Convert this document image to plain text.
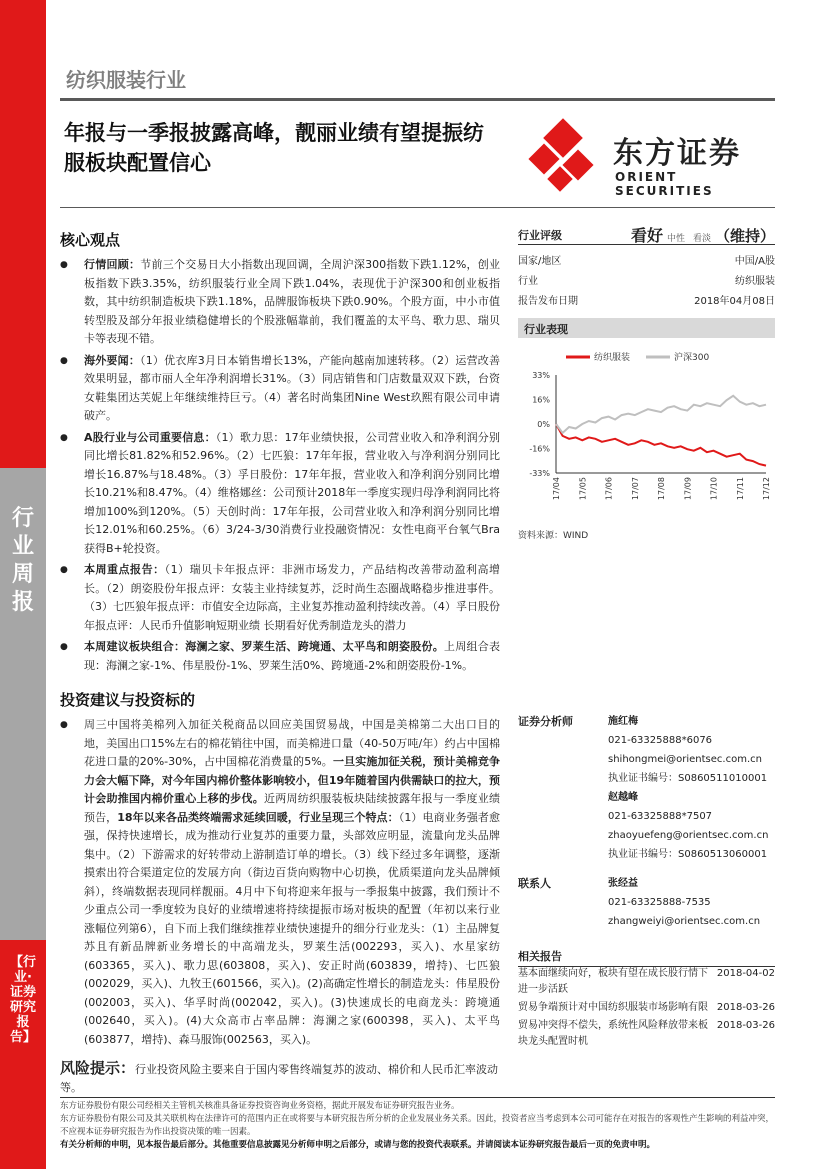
行业周报
【行业·证券研究报告】
纺织服装行业
年报与一季报披露高峰，靓丽业绩有望提振纺服板块配置信心	东方证券
ORIENT SECURITIES
核心观点
● 行情回顾：节前三个交易日大小指数出现回调，全周沪深300指数下跌1.12%，创业板指数下跌3.35%，纺织服装行业全周下跌1.04%，表现优于沪深300和创业板指数，其中纺织制造板块下跌1.18%，品牌服饰板块下跌0.90%。个股方面，中小市值转型股及部分年报业绩稳健增长的个股涨幅靠前，我们覆盖的太平鸟、歌力思、瑞贝卡等表现不错。
● 海外要闻：（1）优衣库3月日本销售增长13%，产能向越南加速转移。（2）运营改善效果明显，都市丽人全年净利润增长31%。（3）同店销售和门店数量双双下跌，台资女鞋集团达芙妮上年继续维持巨亏。（4）著名时尚集团Nine West玖熙有限公司申请破产。
● A股行业与公司重要信息：（1）歌力思：17年业绩快报，公司营业收入和净利润分别同比增长81.82%和52.96%。（2）七匹狼：17年年报，营业收入与净利润分别同比增长16.87%与18.48%。（3）孚日股份：17年年报，营业收入和净利润分别同比增长10.21%和8.47%。（4）维格娜丝：公司预计2018年一季度实现归母净利润同比将增加100%到120%。（5）天创时尚：17年年报，公司营业收入和净利润分别同比增长12.01%和60.25%。（6）3/24-3/30消费行业投融资情况：女性电商平台氧气Bra获得B+轮投资。
● 本周重点报告：（1）瑞贝卡年报点评：非洲市场发力，产品结构改善带动盈利高增长。（2）朗姿股份年报点评：女装主业持续复苏，泛时尚生态圈战略稳步推进事件。（3）七匹狼年报点评：市值安全边际高，主业复苏推动盈利持续改善。（4）孚日股份年报点评：人民币升值影响短期业绩 长期看好优秀制造龙头的潜力
● 本周建议板块组合：海澜之家、罗莱生活、跨境通、太平鸟和朗姿股份。上周组合表现：海澜之家-1%、伟星股份-1%、罗莱生活0%、跨境通-2%和朗姿股份-1%。
投资建议与投资标的
● 周三中国将美棉列入加征关税商品以回应美国贸易战，中国是美棉第二大出口目的地，美国出口15%左右的棉花销往中国，而美棉进口量（40-50万吨/年）约占中国棉花进口量的20%-30%，占中国棉花消费量的5%。一旦实施加征关税，预计美棉竞争力会大幅下降，对今年国内棉价整体影响较小，但19年随着国内供需缺口的拉大，预计会助推国内棉价重心上移的步伐。近两周纺织服装板块陆续披露年报与一季度业绩预告，18年以来各品类终端需求延续回暖，行业呈现三个特点：（1）电商业务强者愈强，保持快速增长，成为推动行业复苏的重要力量，头部效应明显，流量向龙头品牌集中。（2）下游需求的好转带动上游制造订单的增长。（3）线下经过多年调整，逐渐摸索出符合渠道定位的发展方向（街边百货向购物中心切换，优质渠道向龙头品牌倾斜），终端数据表现同样靓丽。4月中下旬将迎来年报与一季报集中披露，我们预计不少重点公司一季度较为良好的业绩增速将持续提振市场对板块的配置（年初以来行业涨幅位列第6），自下而上我们继续推荐业绩快速提升的细分行业龙头：（1）主品牌复苏且有新品牌新业务增长的中高端龙头，罗莱生活(002293，买入)、水星家纺(603365，买入)、歌力思(603808，买入)、安正时尚(603839，增持)、七匹狼(002029，买入)、九牧王(601566，买入)。(2)高确定性增长的制造龙头：伟星股份(002003，买入)、华孚时尚(002042，买入)。(3)快速成长的电商龙头：跨境通(002640，买入)。(4)大众高市占率品牌：海澜之家(600398，买入)、太平鸟(603877，增持)、森马服饰(002563，买入)。
风险提示：行业投资风险主要来自于国内零售终端复苏的波动、棉价和人民币汇率波动等。
行业评级	看好 中性 看淡 （维持）
国家/地区	中国/A股
行业	纺织服装
报告发布日期	2018年04月08日
行业表现
纺织服装	沪深300
33%
16%
0%
-16%
-33%
17/04 17/05 17/06 17/07 17/08 17/09 17/10 17/11 17/12
资料来源：WIND
证券分析师	施红梅
021-63325888*6076
shihongmei@orientsec.com.cn
执业证书编号：S0860511010001
赵越峰
021-63325888*7507
zhaoyuefeng@orientsec.com.cn
执业证书编号：S0860513060001
联系人	张经益
021-63325888-7535
zhangweiyi@orientsec.com.cn
相关报告
基本面继续向好，板块有望在成长股行情下进一步活跃
2018-04-02
贸易争端预计对中国纺织服装市场影响有限 2018-03-26
贸易冲突得不偿失，系统性风险释放带来板块龙头配置时机
2018-03-26
东方证券股份有限公司经相关主管机关核准具备证券投资咨询业务资格，据此开展发布证券研究报告业务。
东方证券股份有限公司及其关联机构在法律许可的范围内正在或将要与本研究报告所分析的企业发展业务关系。因此，投资者应当考虑到本公司可能存在对报告的客观性产生影响的利益冲突，不应视本证券研究报告为作出投资决策的唯一因素。
有关分析师的申明，见本报告最后部分。其他重要信息披露见分析师申明之后部分，或请与您的投资代表联系。并请阅读本证券研究报告最后一页的免责申明。
